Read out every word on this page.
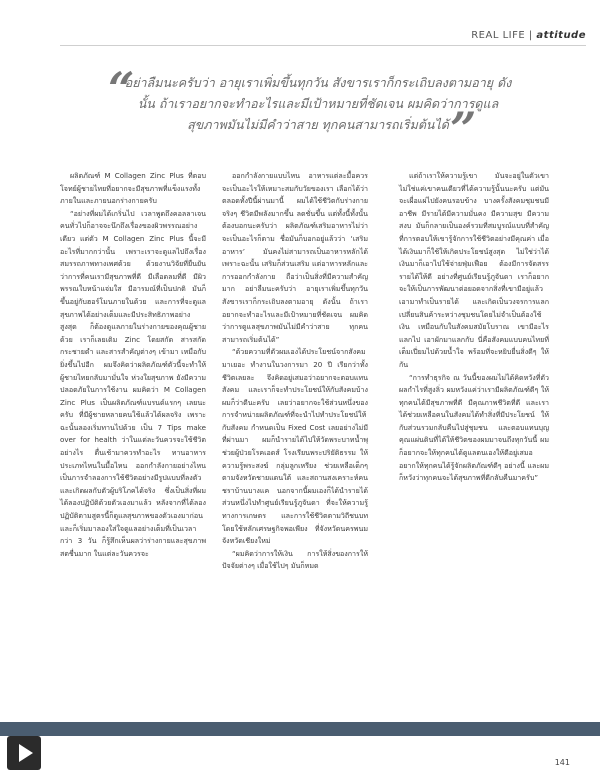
REAL LIFE | attitude
“
อย่าลืมนะครับว่า อายุเราเพิ่มขึ้นทุกวัน สังขารเราก็กระเถิบลงตามอายุ ดังนั้น ถ้าเราอยากจะทำอะไรและมีเป้าหมายที่ชัดเจน ผมคิดว่าการดูแลสุขภาพมันไม่มีคำว่าสาย ทุกคนสามารถเริ่มต้นได้ ”

ผลิตภัณฑ์ M Collagen Zinc Plus ที่ตอบโจทย์ผู้ชายไทยที่อยากจะมีสุขภาพที่แข็งแรงทั้งภายในและภายนอกร่างกายครับ

“อย่างที่ผมได้เกริ่นไป เวลาพูดถึงคอลลาเจน คนทั่วไปก็อาจจะนึกถึงเรื่องของผิวพรรณอย่างเดียว แต่ตัว M Collagen Zinc Plus นี้จะมีอะไรที่มากกว่านั้น เพราะเราจะดูแลไปถึงเรื่องสมรรถภาพทางเพศด้วย ด้วยงานวิจัยที่ยืนยันว่าการที่คนเรามีสุขภาพที่ดี มีเลือดลมที่ดี มีผิวพรรณใบหน้าแจ่มใส มีอารมณ์ที่เป็นปกติ มันก็ขึ้นอยู่กับฮอร์โมนภายในด้วย และการที่จะดูแลสุขภาพได้อย่างเต็มและมีประสิทธิภาพอย่างสูงสุด ก็ต้องดูแลภายในร่างกายของคุณผู้ชายด้วย เราก็เลยเติม Zinc โดยสกัด สารสกัดกระชายดำ และสารสำคัญต่างๆ เข้ามา เหมือกับยิ่งขึ้นไปอีก ผมจึงคิดว่าผลิตภัณฑ์ตัวนี้จะทำให้ผู้ชายไทยกลับมามั่นใจ ห่วงใยสุขภาพ ยังมีความปลอดภัยในการใช้งาน ผมคิดว่า M Collagen Zinc Plus เป็นผลิตภัณฑ์แบรนด์แรกๆ เลยนะครับ ที่มีผู้ชายหลายคนใช้แล้วได้ผลจริง เพราะฉะนั้นลองเริ่มทานไปด้วย เป็น 7 Tips make over for health ว่าในแต่ละวันควรจะใช้ชีวิตอย่างไร ตื่นเช้ามาควรทำอะไร ทานอาหารประเภทไหนในมื้อไหน ออกกำลังกายอย่างไหน เป็นการจำลองการใช้ชีวิตอย่างมีรูปแบบที่ลงตัว และเกิดผลกับตัวผู้บริโภคได้จริง ซึ่งเป็นสิ่งที่ผมได้ลองปฏิบัติด้วยตัวเองมาแล้ว หลังจากที่ได้ลองปฏิบัติตามสูตรนี้ก็ดูแลสุขภาพของตัวเองมาก่อน และก็เริ่มมาลองใส่ใจดูแลอย่างเต็มที่เป็นเวลากว่า 3 วัน ก็รู้สึกเห็นผลว่าร่างกายและสุขภาพสดชื่นมาก ในแต่ละวันควรจะ

ออกกำลังกายแบบไหน อาหารแต่ละมื้อควรจะเป็นอะไรให้เหมาะสมกับวัยของเรา เลือกได้ว่าตลอดทั้งปีนี้ผ่านมานี้ ผมได้ใช้ชีวิตกับร่างกายจริงๆ ชีวิตมีพลังมากขึ้น ลดชั่นขึ้น แต่ทั้งนี้ทั้งนั้น ต้องบอกนะครับว่า ผลิตภัณฑ์เสริมอาหารไม่ว่าจะเป็นอะไรก็ตาม ชื่อมันก็บอกอยู่แล้วว่า ‘เสริมอาหาร’ มันคงไม่สามารถเป็นอาหารหลักได้ เพราะฉะนั้น เสริมก็ส่วนเสริม แต่อาหารหลักและการออกกำลังกาย ถือว่าเป็นสิ่งที่มีความสำคัญมาก อย่าลืมนะครับว่า อายุเราเพิ่มขึ้นทุกวัน สังขารเราก็กระเถิบลงตามอายุ ดังนั้น ถ้าเราอยากจะทำอะไรและมีเป้าหมายที่ชัดเจน ผมคิดว่าการดูแลสุขภาพมันไม่มีคำว่าสาย ทุกคนสามารถเริ่มต้นได้”

“ด้วยความที่ตัวผมเองได้ประโยชน์จากสังคมมาเยอะ ทำงานในวงการมา 20 ปี เรียกว่าทั้งชีวิตเลยละ จึงคิดอยู่เสมอว่าอยากจะตอบแทนสังคม และเราก็จะทำประโยชน์ให้กับสังคมบ้าง ผมก็ว่าดีนะครับ เลยว่าอยากจะใช้ส่วนหนึ่งของการจำหน่ายผลิตภัณฑ์ที่จะนำไปทำประโยชน์ให้กับสังคม กำหนดเป็น Fixed Cost เลยอย่างไม่มีที่ผ่านมา ผมก็นำรายได้ไปให้วัดพระบาทน้ำพุ ช่วยผู้ป่วยโรคเอดส์ โรงเรียนพระปริยัติธรรม ให้ความรู้พระสงฆ์ กลุ่มลูกเหรียง ช่วยเหลือเด็กๆ ตามจังหวัดชายแดนใต้ และสถานสงเคราะห์คนชราบ้านบางแค นอกจากนี้ผมเองก็ได้นำรายได้ส่วนหนึ่งไปทำศูนย์เรียนรู้ภูจันดา ที่จะให้ความรู้ทางการเกษตร และการใช้ชีวิตตามวิถีชนบท โดยใช้หลักเศรษฐกิจพอเพียง ที่จังหวัดนครพนม จังหวัดเชียงใหม่

“ผมคิดว่าการให้เงิน การให้สิ่งของการให้ปัจจัยต่างๆ เมื่อใช้ไปๆ มันก็หมด

แต่ถ้าเราให้ความรู้เขา มันจะอยู่ในตัวเขา ไม่ใช่แค่เขาคนเดียวที่ได้ความรู้นั้นนะครับ แต่มันจะเผื่อแผ่ไปยังคนรอบข้าง บางครั้งสังคมชุมชนมีอาชีพ มีรายได้มีความมั่นคง มีความสุข มีความสงบ มันก็กลายเป็นองค์รวมที่สมบูรณ์แบบที่สำคัญที่การตอบให้เขารู้จักการใช้ชีวิตอย่างมีคุณค่า เมื่อได้เงินมาก็ใช้ให้เกิดประโยชน์สูงสุด ไม่ใช่ว่าได้เงินมาก็เอาไปใช้จ่ายฟุ่มเฟือย ต้องมีการจัดสรรรายได้ให้ดี อย่างที่ศูนย์เรียนรู้ภูจันดา เราก็อยากจะให้เป็นการพัฒนาต่อยอดจากสิ่งที่เขามีอยู่แล้ว เอามาทำเป็นรายได้ และเกิดเป็นวงจรการแลกเปลี่ยนสินค้าระหว่างชุมชนโดยไม่จำเป็นต้องใช้เงิน เหมือนกับในสังคมสมัยโบราณ เขามีอะไรแลกไป เอาผักมาแลกกับ นี่คือสังคมแบบคนไทยที่เต็มเปี่ยมไปด้วยน้ำใจ พร้อมที่จะหยิบยื่นสิ่งดีๆ ให้กัน

“การทำธุรกิจ ณ วันนี้ของผมไม่ได้คิดหวังที่ตัวผลกำไรที่สูงลิ่ว ผมหวังแค่ว่าเรามีผลิตภัณฑ์ดีๆ ให้ทุกคนได้มีสุขภาพที่ดี มีคุณภาพชีวิตที่ดี และเราได้ช่วยเหลือคนในสังคมได้ทำสิ่งที่มีประโยชน์ ให้กับส่วนรวมกลับคืนไปสู่ชุมชน และตอบแทนบุญคุณแผ่นดินที่ได้ให้ชีวิตของผมมาจนถึงทุกวันนี้ ผมก็อยากจะให้ทุกคนได้ดูแลตนเองให้ดีอยู่เสมอ อยากให้ทุกคนได้รู้จักผลิตภัณฑ์ดีๆ อย่างนี้ และผมก็หวังว่าทุกคนจะได้สุขภาพที่ดีกลับคืนมาครับ”

141
